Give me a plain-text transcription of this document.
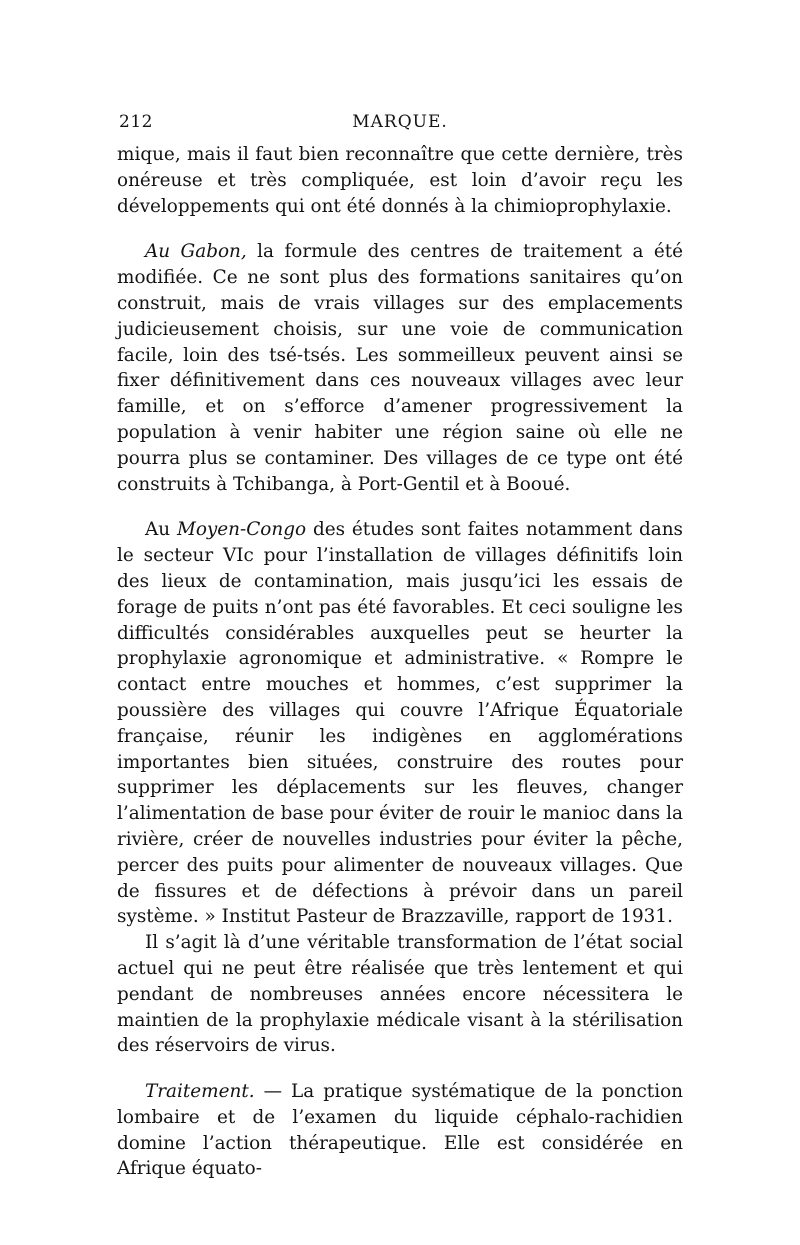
212	MARQUE.

mique, mais il faut bien reconnaître que cette dernière, très onéreuse et très compliquée, est loin d’avoir reçu les développements qui ont été donnés à la chimioprophylaxie.

Au Gabon, la formule des centres de traitement a été modifiée. Ce ne sont plus des formations sanitaires qu’on construit, mais de vrais villages sur des emplacements judicieusement choisis, sur une voie de communication facile, loin des tsé-tsés. Les sommeilleux peuvent ainsi se fixer définitivement dans ces nouveaux villages avec leur famille, et on s’efforce d’amener progressivement la population à venir habiter une région saine où elle ne pourra plus se contaminer. Des villages de ce type ont été construits à Tchibanga, à Port-Gentil et à Booué.

Au Moyen-Congo des études sont faites notamment dans le secteur VIc pour l’installation de villages définitifs loin des lieux de contamination, mais jusqu’ici les essais de forage de puits n’ont pas été favorables. Et ceci souligne les difficultés considérables auxquelles peut se heurter la prophylaxie agronomique et administrative. « Rompre le contact entre mouches et hommes, c’est supprimer la poussière des villages qui couvre l’Afrique Équatoriale française, réunir les indigènes en agglomérations importantes bien situées, construire des routes pour supprimer les déplacements sur les fleuves, changer l’alimentation de base pour éviter de rouir le manioc dans la rivière, créer de nouvelles industries pour éviter la pêche, percer des puits pour alimenter de nouveaux villages. Que de fissures et de défections à prévoir dans un pareil système. » Institut Pasteur de Brazzaville, rapport de 1931.

Il s’agit là d’une véritable transformation de l’état social actuel qui ne peut être réalisée que très lentement et qui pendant de nombreuses années encore nécessitera le maintien de la prophylaxie médicale visant à la stérilisation des réservoirs de virus.

Traitement. — La pratique systématique de la ponction lombaire et de l’examen du liquide céphalo-rachidien domine l’action thérapeutique. Elle est considérée en Afrique équato-
